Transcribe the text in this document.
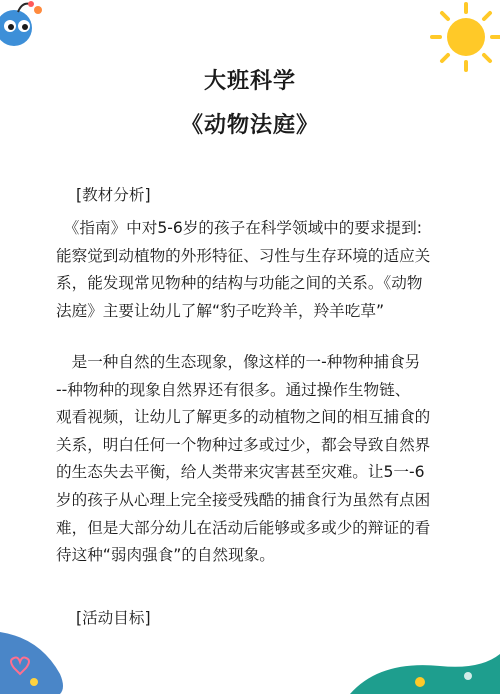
大班科学
《动物法庭》
[教材分析]

　《指南》中对5-6岁的孩子在科学领域中的要求提到:
能察觉到动植物的外形特征、习性与生存环境的适应关
系，能发现常见物种的结构与功能之间的关系。《动物
法庭》主要让幼儿了解“豹子吃羚羊，羚羊吃草”

　是一种自然的生态现象，像这样的一-种物种捕食另
--种物种的现象自然界还有很多。通过操作生物链、
观看视频，让幼儿了解更多的动植物之间的相互捕食的
关系，明白任何一个物种过多或过少，都会导致自然界
的生态失去平衡，给人类带来灾害甚至灾难。让5一-6
岁的孩子从心理上完全接受残酷的捕食行为虽然有点困
难，但是大部分幼儿在活动后能够或多或少的辩证的看
待这种“弱肉强食”的自然现象。

[活动目标]
